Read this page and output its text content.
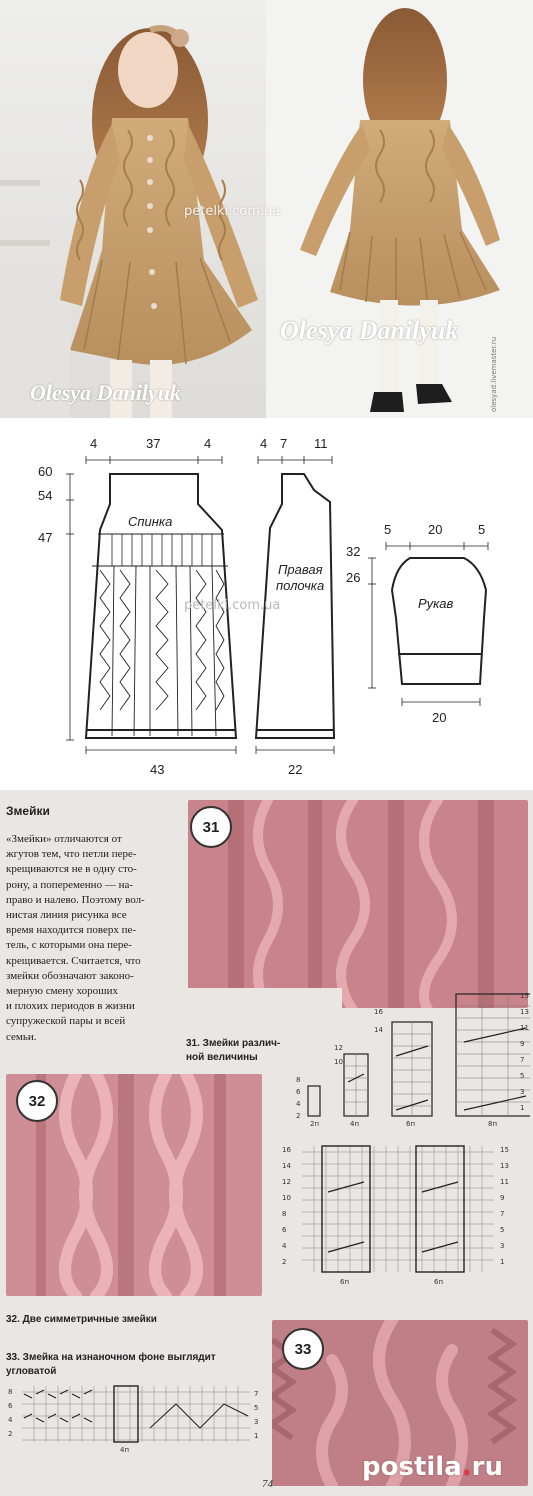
petelki.com.ua
Olesya Danilyuk
Olesya Danilyuk	olesyad.livemaster.ru
4	37	4
60
54
47
Спинка
43
4 7 11
Правая
полочка
22
5	20	5
32
26
Рукав
20
petelki.com.ua
Змейки
«Змейки» отличаются от
жгутов тем, что петли пере-
крещиваются не в одну сто-
рону, а попеременно — на-
право и налево. Поэтому вол-
нистая линия рисунка все
время находится поверх пе-
тель, с которыми она пере-
крещивается. Считается, что
змейки обозначают законо-
мерную смену хороших
и плохих периодов в жизни
супружеской пары и всей
семьи.
31
16
14
12
10
8
6
4
2
15
13
11
9
7
5
3
1
2п	4п	6п	8п
31. Змейки различ-
ной величины
32
16
14
12
10
8
6
4
2
15
13
11
9
7
5
3
1
6п	6п
32. Две симметричные змейки
33. Змейка на изнаночном фоне выглядит
угловатой
8
6
4
2
7
5
3
1
4п
33
74
postila.ru
